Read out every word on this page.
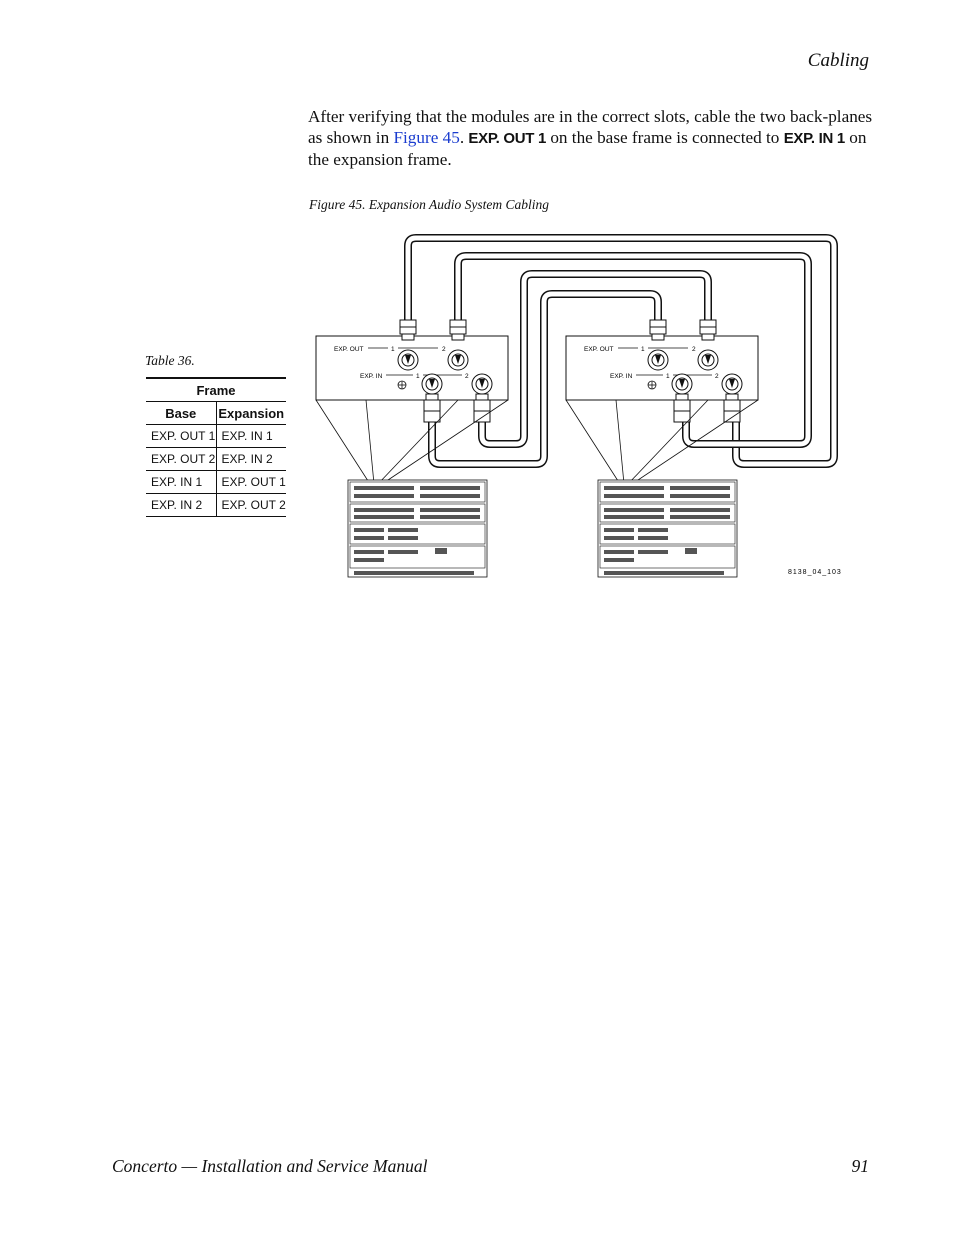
Cabling
After verifying that the modules are in the correct slots, cable the two back-planes as shown in Figure 45. EXP. OUT 1 on the base frame is connected to EXP. IN 1 on the expansion frame.
Figure 45. Expansion Audio System Cabling
Table 36.
Frame	
Base	Expansion
EXP. OUT 1	EXP. IN 1
EXP. OUT 2	EXP. IN 2
EXP. IN 1	EXP. OUT 1
EXP. IN 2	EXP. OUT 2
EXP. OUT
EXP. IN
1	2
1	2
EXP. OUT
EXP. IN
1	2
1	2
8138_04_103
Concerto — Installation and Service Manual	91
